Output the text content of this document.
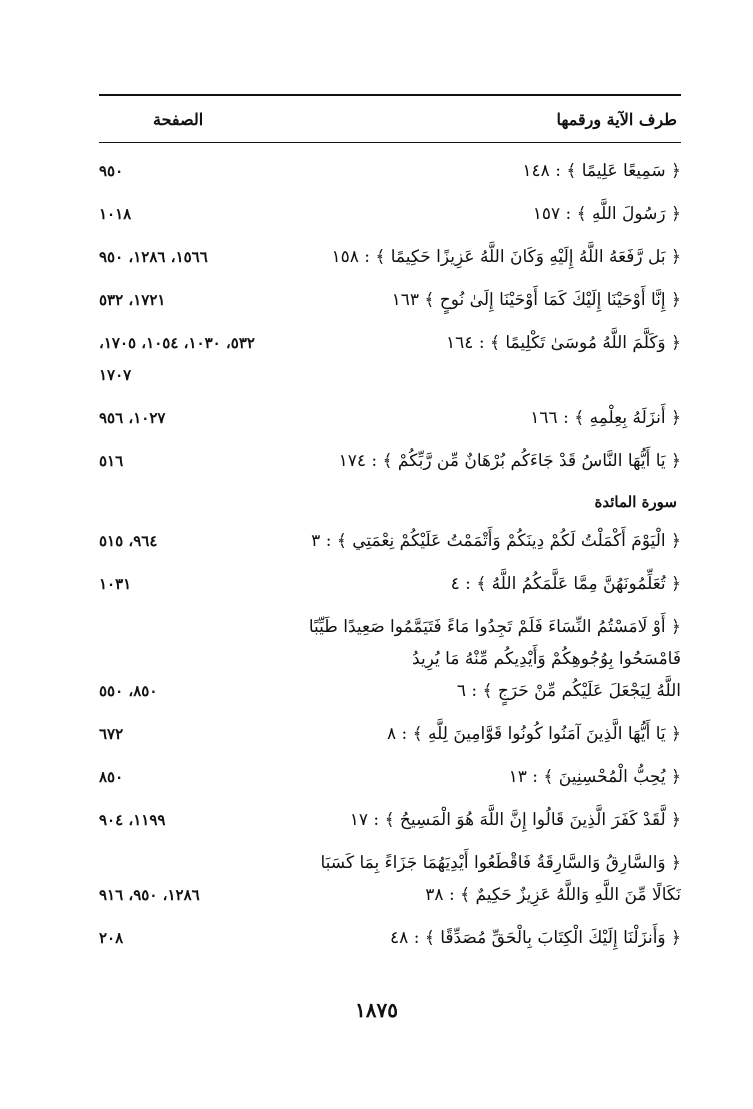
طرف الآية ورقمها
الصفحة
﴿ سَمِيعًا عَلِيمًا ﴾ : ١٤٨
٩٥٠
﴿ رَسُولَ اللَّهِ ﴾ : ١٥٧
١٠١٨
﴿ بَل رَّفَعَهُ اللَّهُ إِلَيْهِ وَكَانَ اللَّهُ عَزِيزًا حَكِيمًا ﴾ : ١٥٨
١٥٦٦، ١٢٨٦، ٩٥٠
﴿ إِنَّا أَوْحَيْنَا إِلَيْكَ كَمَا أَوْحَيْنَا إِلَىٰ نُوحٍ ﴾ ١٦٣
١٧٢١، ٥٣٢
﴿ وَكَلَّمَ اللَّهُ مُوسَىٰ تَكْلِيمًا ﴾ : ١٦٤
٥٣٢، ١٠٣٠، ١٠٥٤، ١٧٠٥،
١٧٠٧
﴿ أَنزَلَهُ بِعِلْمِهِ ﴾ : ١٦٦
١٠٢٧، ٩٥٦
﴿ يَا أَيُّهَا النَّاسُ قَدْ جَاءَكُم بُرْهَانٌ مِّن رَّبِّكُمْ ﴾ : ١٧٤
٥١٦
سورة المائدة
﴿ الْيَوْمَ أَكْمَلْتُ لَكُمْ دِينَكُمْ وَأَتْمَمْتُ عَلَيْكُمْ نِعْمَتِي ﴾ : ٣
٩٦٤، ٥١٥
﴿ تُعَلِّمُونَهُنَّ مِمَّا عَلَّمَكُمُ اللَّهُ ﴾ : ٤
١٠٣١
﴿ أَوْ لَامَسْتُمُ النِّسَاءَ فَلَمْ تَجِدُوا مَاءً فَتَيَمَّمُوا صَعِيدًا طَيِّبًا
فَامْسَحُوا بِوُجُوهِكُمْ وَأَيْدِيكُم مِّنْهُ مَا يُرِيدُ
اللَّهُ لِيَجْعَلَ عَلَيْكُم مِّنْ حَرَجٍ ﴾ : ٦
٨٥٠، ٥٥٠
﴿ يَا أَيُّهَا الَّذِينَ آمَنُوا كُونُوا قَوَّامِينَ لِلَّهِ ﴾ : ٨
٦٧٢
﴿ يُحِبُّ الْمُحْسِنِينَ ﴾ : ١٣
٨٥٠
﴿ لَّقَدْ كَفَرَ الَّذِينَ قَالُوا إِنَّ اللَّهَ هُوَ الْمَسِيحُ ﴾ : ١٧
١١٩٩، ٩٠٤
﴿ وَالسَّارِقُ وَالسَّارِقَةُ فَاقْطَعُوا أَيْدِيَهُمَا جَزَاءً بِمَا كَسَبَا
نَكَالًا مِّنَ اللَّهِ وَاللَّهُ عَزِيزٌ حَكِيمٌ ﴾ : ٣٨
١٢٨٦، ٩٥٠، ٩١٦
﴿ وَأَنزَلْنَا إِلَيْكَ الْكِتَابَ بِالْحَقِّ مُصَدِّقًا ﴾ : ٤٨
٢٠٨
١٨٧٥
